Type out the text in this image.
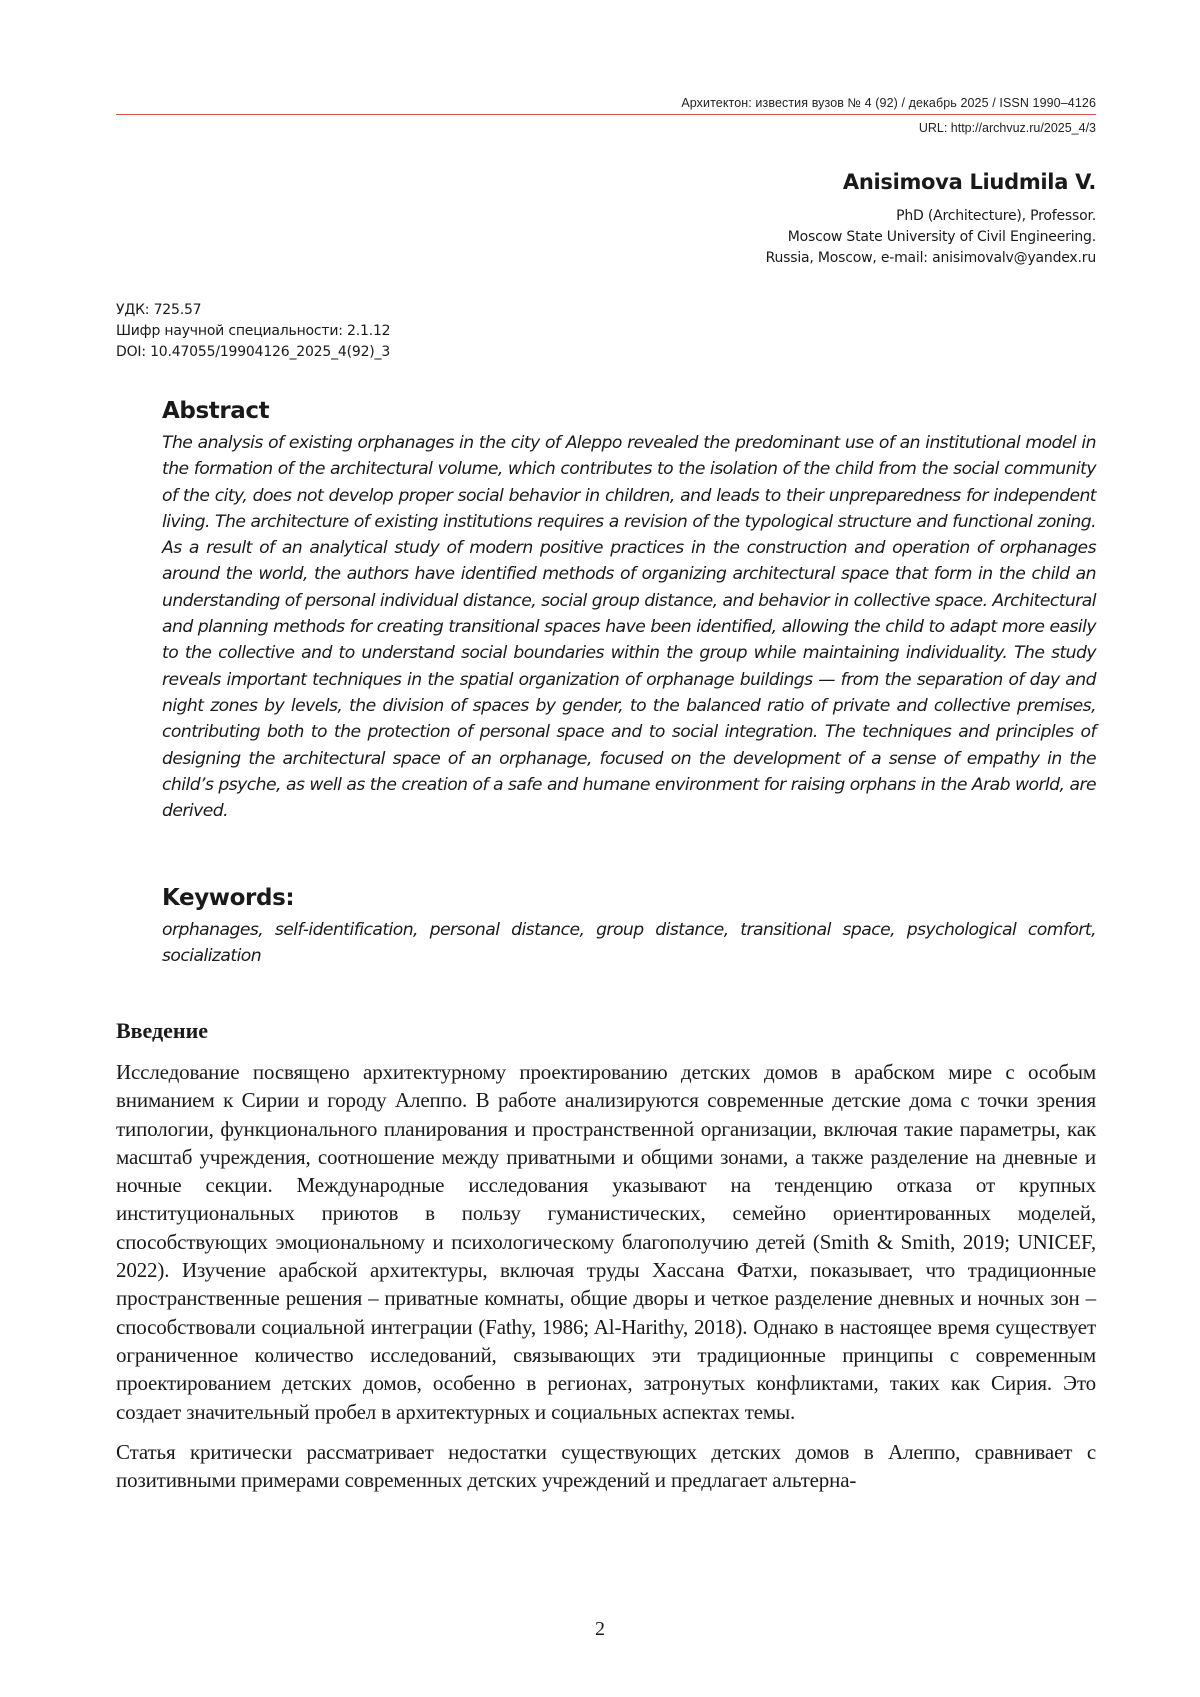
Архитектон: известия вузов № 4 (92) / декабрь 2025 / ISSN 1990–4126
URL: http://archvuz.ru/2025_4/3
Anisimova Liudmila V.
PhD (Architecture), Professor.
Moscow State University of Civil Engineering.
Russia, Moscow, e-mail: anisimovalv@yandex.ru
УДК: 725.57
Шифр научной специальности: 2.1.12
DOI: 10.47055/19904126_2025_4(92)_3
Abstract

The analysis of existing orphanages in the city of Aleppo revealed the predominant use of an institutional model in the formation of the architectural volume, which contributes to the isolation of the child from the social community of the city, does not develop proper social behavior in children, and leads to their unpreparedness for independent living. The architecture of existing institutions requires a revision of the typological structure and functional zoning. As a result of an analytical study of modern positive practices in the construction and operation of orphanages around the world, the authors have identified methods of organizing architectural space that form in the child an understanding of personal individual distance, social group distance, and behavior in collective space. Architectural and planning methods for creating transitional spaces have been identified, allowing the child to adapt more easily to the collective and to understand social boundaries within the group while maintaining individuality. The study reveals important techniques in the spatial organization of orphanage buildings — from the separation of day and night zones by levels, the division of spaces by gender, to the balanced ratio of private and collective premises, contributing both to the protection of personal space and to social integration. The techniques and principles of designing the architectural space of an orphanage, focused on the development of a sense of empathy in the child’s psyche, as well as the creation of a safe and humane environment for raising orphans in the Arab world, are derived.

Keywords:

orphanages, self-identification, personal distance, group distance, transitional space, psychological comfort, socialization

Введение

Исследование посвящено архитектурному проектированию детских домов в арабском мире с особым вниманием к Сирии и городу Алеппо. В работе анализируются современные детские дома с точки зрения типологии, функционального планирования и пространственной организации, включая такие параметры, как масштаб учреждения, соотношение между приватными и общими зонами, а также разделение на дневные и ночные секции. Международные исследования указывают на тенденцию отказа от крупных институциональных приютов в пользу гуманистических, семейно ориентированных моделей, способствующих эмоциональному и психологическому благополучию детей (Smith & Smith, 2019; UNICEF, 2022). Изучение арабской архитектуры, включая труды Хассана Фатхи, показывает, что традиционные пространственные решения – приватные комнаты, общие дворы и четкое разделение дневных и ночных зон – способствовали социальной интеграции (Fathy, 1986; Al-Harithy, 2018). Однако в настоящее время существует ограниченное количество исследований, связывающих эти традиционные принципы с современным проектированием детских домов, особенно в регионах, затронутых конфликтами, таких как Сирия. Это создает значительный пробел в архитектурных и социальных аспектах темы.

Статья критически рассматривает недостатки существующих детских домов в Алеппо, сравнивает с позитивными примерами современных детских учреждений и предлагает альтерна-

2
